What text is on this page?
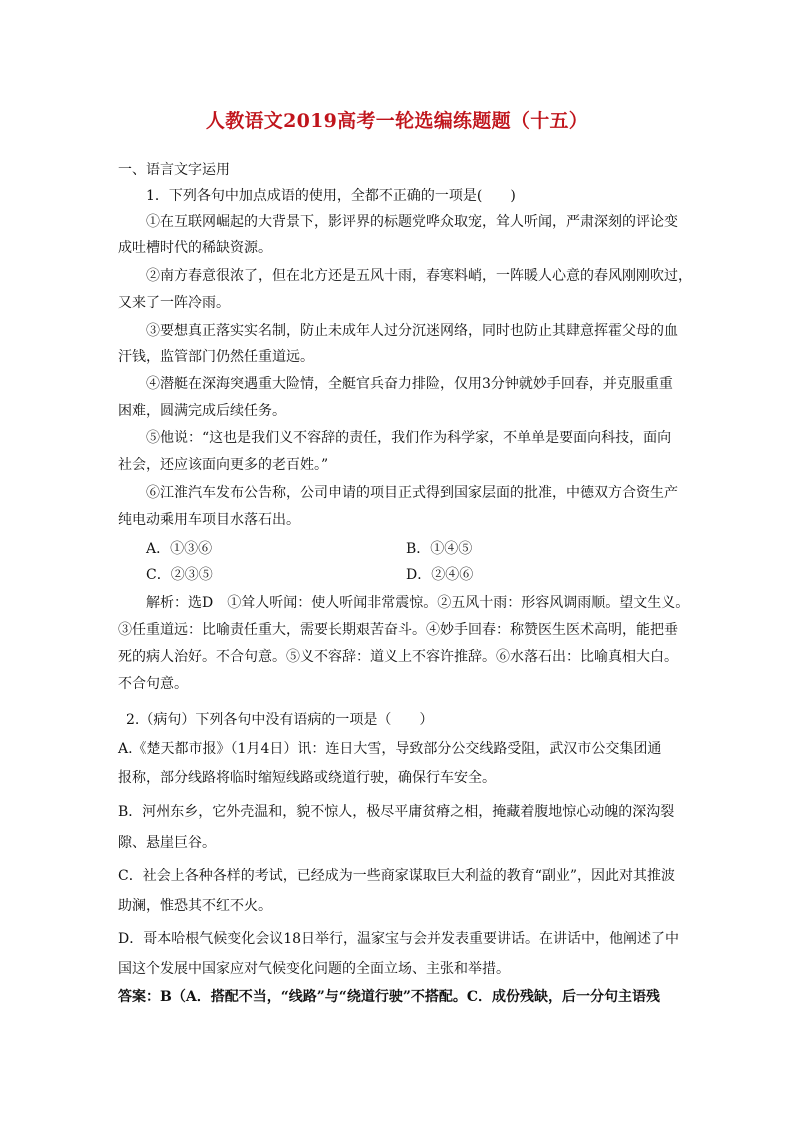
人教语文2019高考一轮选编练题题（十五）
一、语言文字运用
1．下列各句中加点成语的使用，全都不正确的一项是(　　)
①在互联网崛起的大背景下，影评界的标题党哗众取宠，耸人听闻，严肃深刻的评论变
成吐槽时代的稀缺资源。
②南方春意很浓了，但在北方还是五风十雨，春寒料峭，一阵暖人心意的春风刚刚吹过，
又来了一阵冷雨。
③要想真正落实实名制，防止未成年人过分沉迷网络，同时也防止其肆意挥霍父母的血
汗钱，监管部门仍然任重道远。
④潜艇在深海突遇重大险情，全艇官兵奋力排险，仅用3分钟就妙手回春，并克服重重
困难，圆满完成后续任务。
⑤他说：“这也是我们义不容辞的责任，我们作为科学家，不单单是要面向科技，面向
社会，还应该面向更多的老百姓。”
⑥江淮汽车发布公告称，公司申请的项目正式得到国家层面的批准，中德双方合资生产
纯电动乘用车项目水落石出。
A．①③⑥	B．①④⑤
C．②③⑤	D．②④⑥
解析：选D　①耸人听闻：使人听闻非常震惊。②五风十雨：形容风调雨顺。望文生义。
③任重道远：比喻责任重大，需要长期艰苦奋斗。④妙手回春：称赞医生医术高明，能把垂
死的病人治好。不合句意。⑤义不容辞：道义上不容许推辞。⑥水落石出：比喻真相大白。
不合句意。
2.（病句）下列各句中没有语病的一项是（　　）
A.《楚天都市报》（1月4日）讯：连日大雪，导致部分公交线路受阻，武汉市公交集团通
报称，部分线路将临时缩短线路或绕道行驶，确保行车安全。
B．河州东乡，它外壳温和，貌不惊人，极尽平庸贫瘠之相，掩藏着腹地惊心动魄的深沟裂
隙、悬崖巨谷。
C．社会上各种各样的考试，已经成为一些商家谋取巨大利益的教育“副业”，因此对其推波
助澜，惟恐其不红不火。
D．哥本哈根气候变化会议18日举行，温家宝与会并发表重要讲话。在讲话中，他阐述了中
国这个发展中国家应对气候变化问题的全面立场、主张和举措。
答案：B（A．搭配不当，“线路”与“绕道行驶”不搭配。C．成份残缺，后一分句主语残
